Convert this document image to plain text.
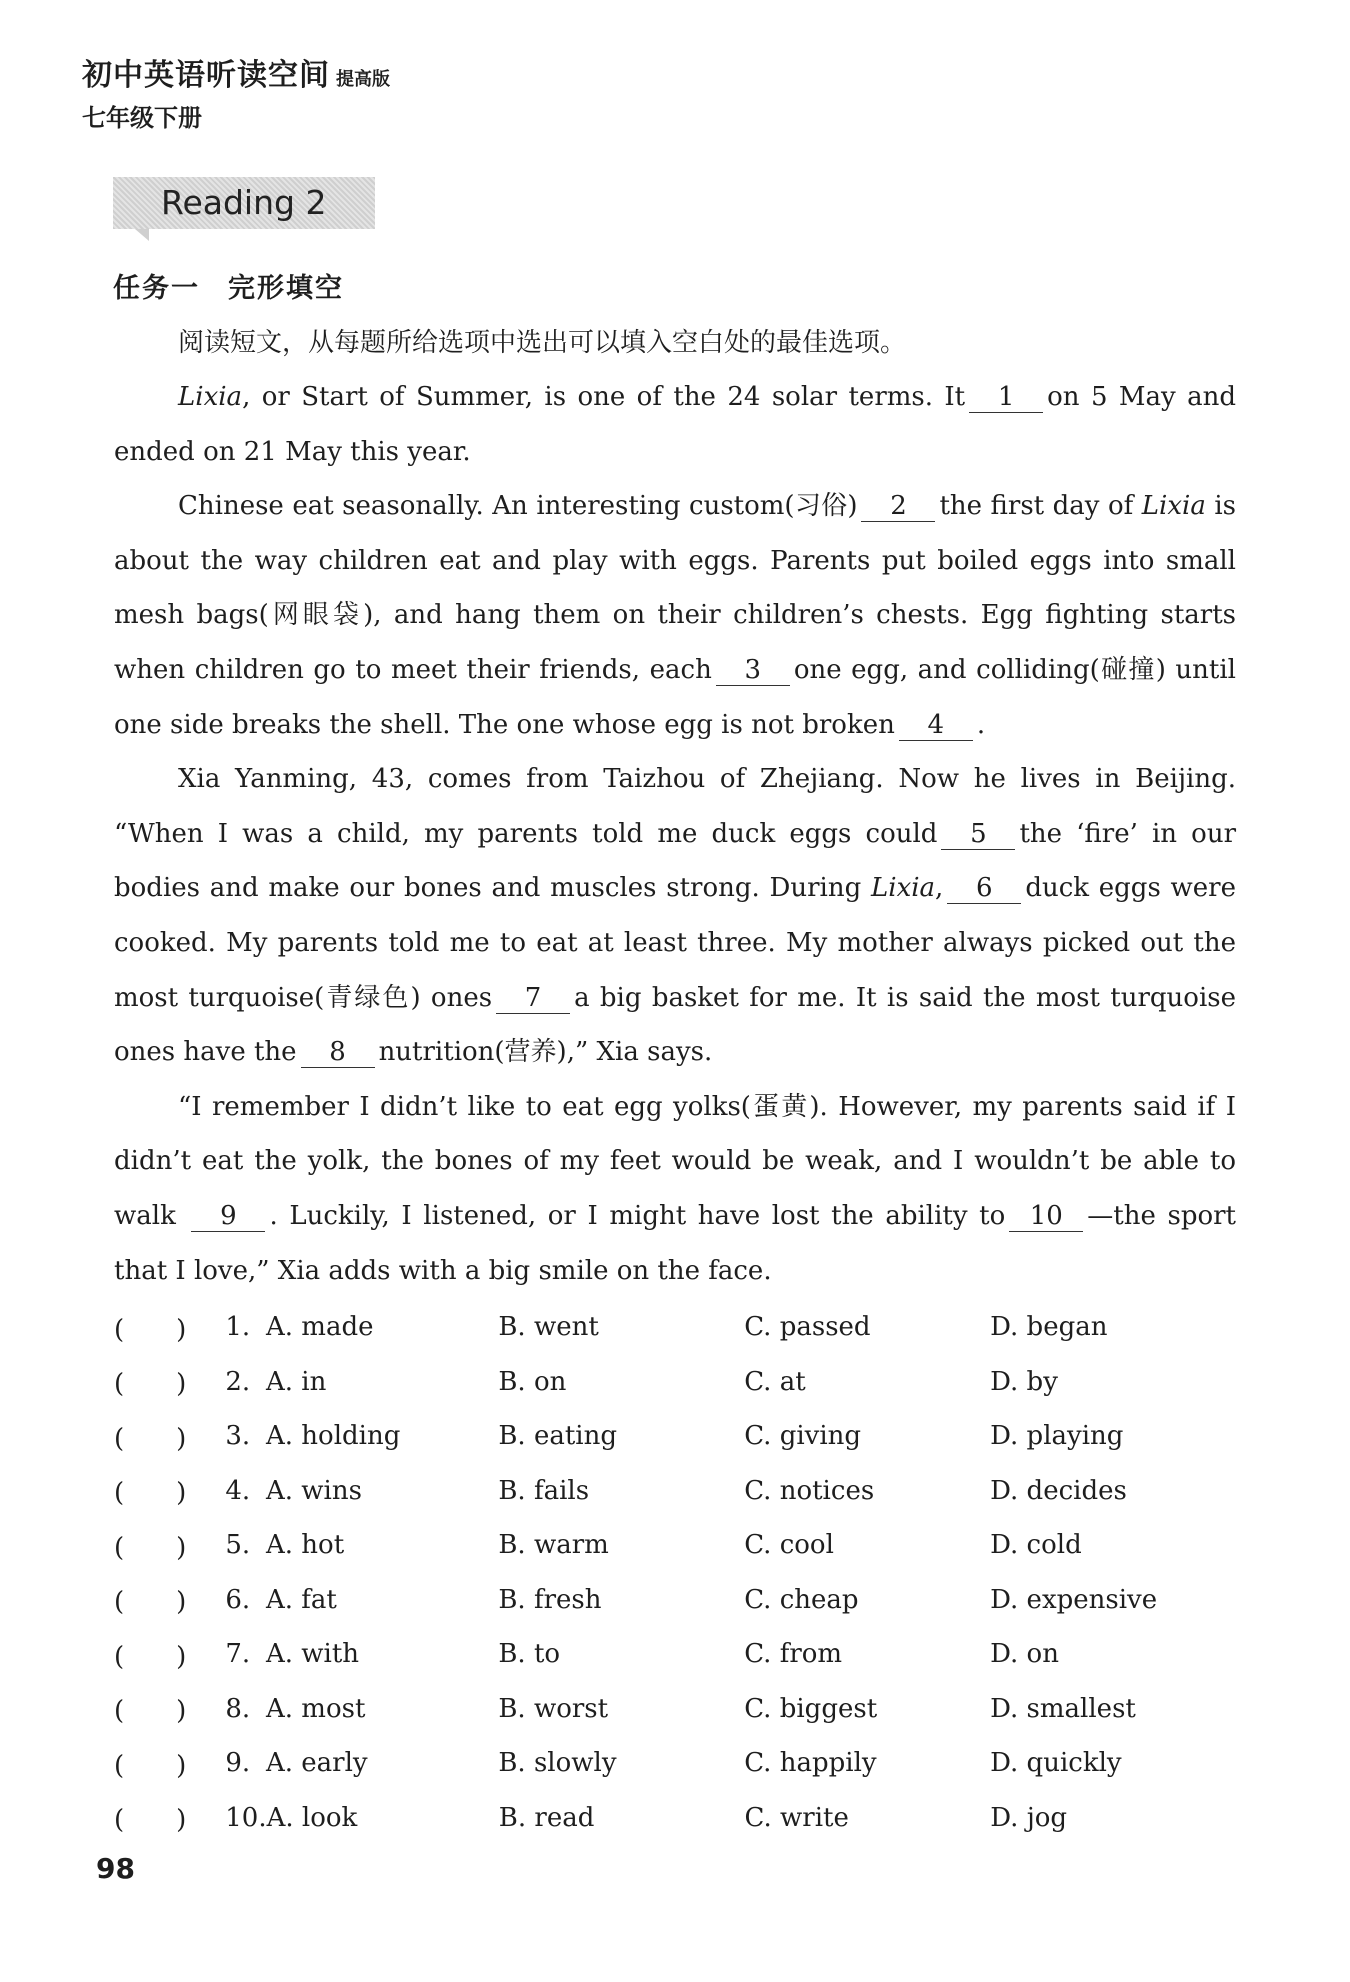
初中英语听读空间 提高版
七年级下册
Reading 2
任务一 完形填空

阅读短文，从每题所给选项中选出可以填入空白处的最佳选项。

Lixia, or Start of Summer, is one of the 24 solar terms. It 1 on 5 May and ended on 21 May this year.

Chinese eat seasonally. An interesting custom(习俗) 2 the first day of Lixia is about the way children eat and play with eggs. Parents put boiled eggs into small mesh bags(网眼袋), and hang them on their children’s chests. Egg fighting starts when children go to meet their friends, each 3 one egg, and colliding(碰撞) until one side breaks the shell. The one whose egg is not broken 4 .

Xia Yanming, 43, comes from Taizhou of Zhejiang. Now he lives in Beijing. “When I was a child, my parents told me duck eggs could 5 the ‘fire’ in our bodies and make our bones and muscles strong. During Lixia, 6 duck eggs were cooked. My parents told me to eat at least three. My mother always picked out the most turquoise(青绿色) ones 7 a big basket for me. It is said the most turquoise ones have the 8 nutrition(营养),” Xia says.

“I remember I didn’t like to eat egg yolks(蛋黄). However, my parents said if I didn’t eat the yolk, the bones of my feet would be weak, and I wouldn’t be able to walk 9 . Luckily, I listened, or I might have lost the ability to 10 —the sport that I love,” Xia adds with a big smile on the face.

(　　)	1. A. made	B. went	C. passed	D. began
(　　)	2. A. in	B. on	C. at	D. by
(　　)	3. A. holding	B. eating	C. giving	D. playing
(　　)	4. A. wins	B. fails	C. notices	D. decides
(　　)	5. A. hot	B. warm	C. cool	D. cold
(　　)	6. A. fat	B. fresh	C. cheap	D. expensive
(　　)	7. A. with	B. to	C. from	D. on
(　　)	8. A. most	B. worst	C. biggest	D. smallest
(　　)	9. A. early	B. slowly	C. happily	D. quickly
(　　)	10. A. look	B. read	C. write	D. jog
98
